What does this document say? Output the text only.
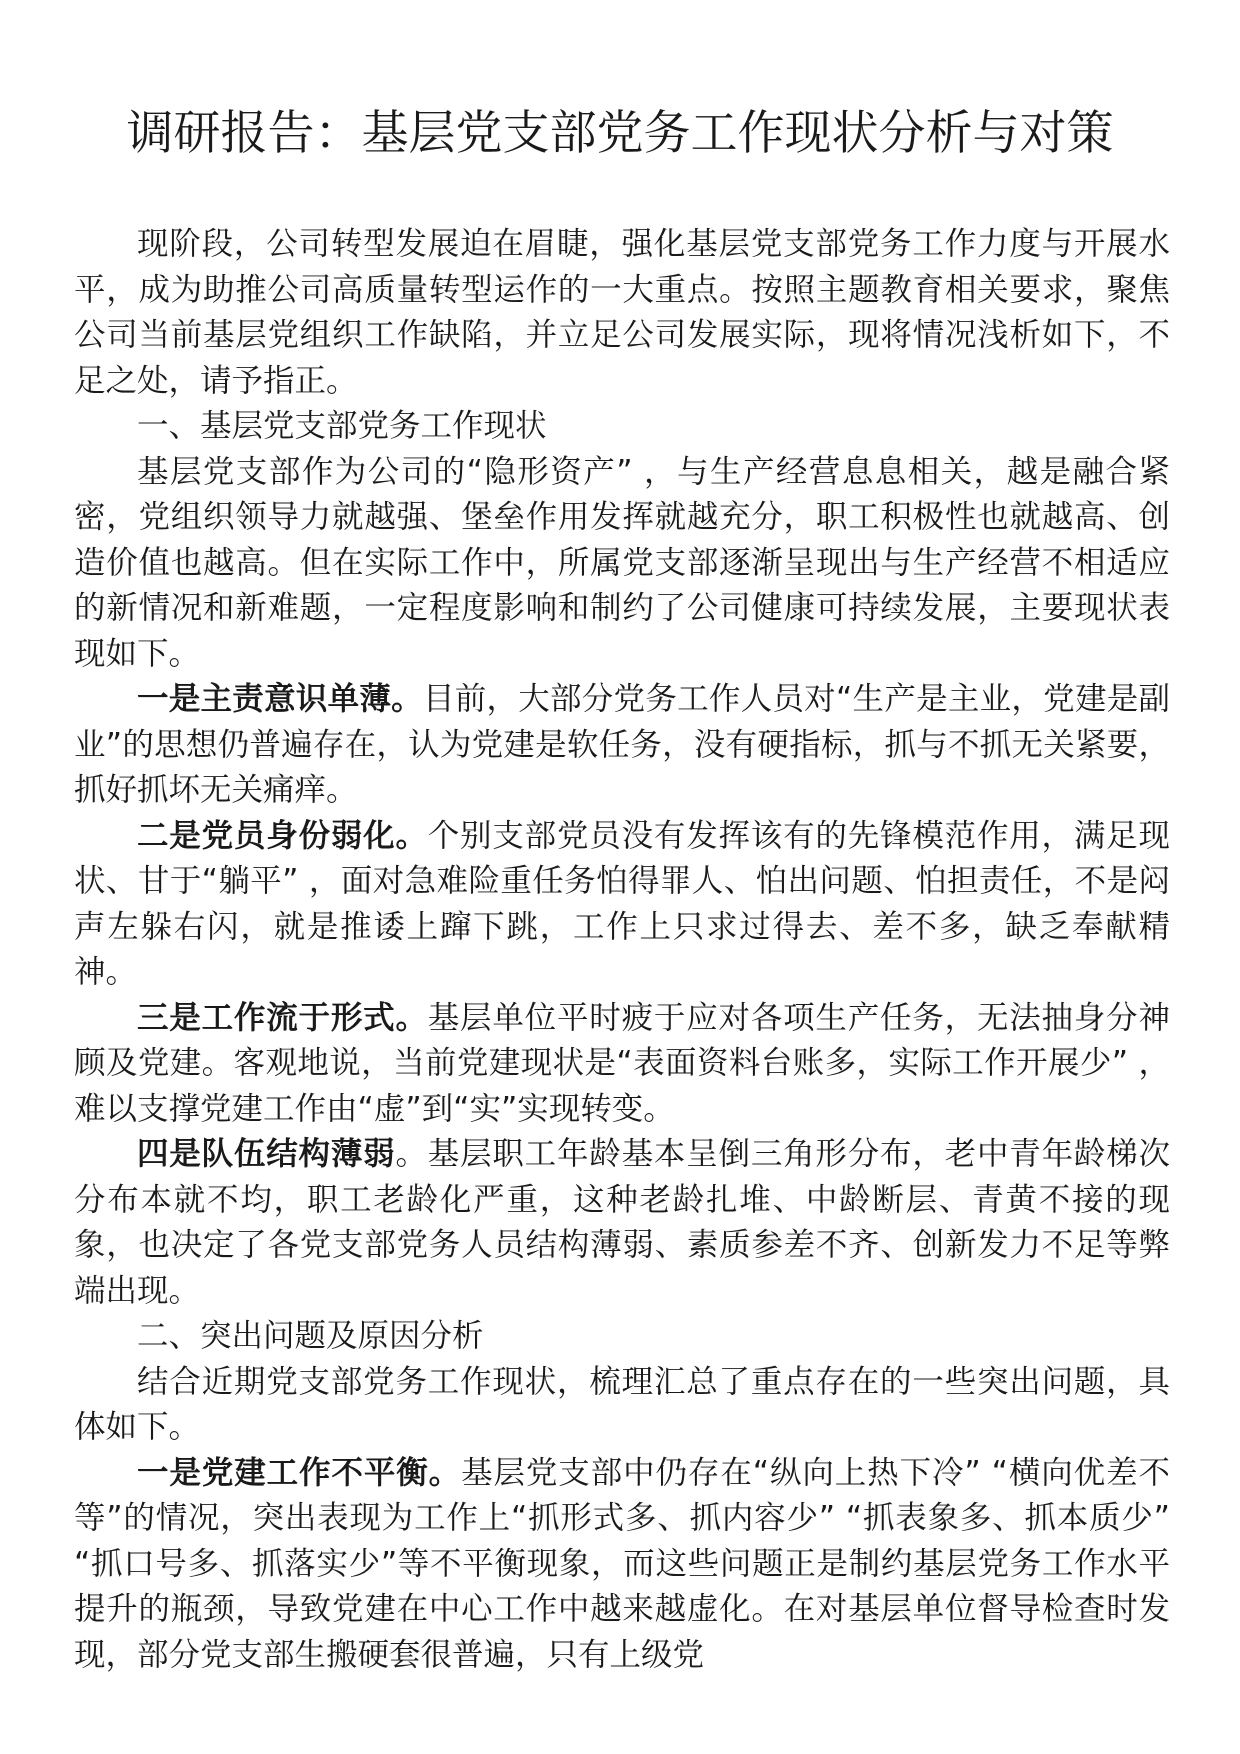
调研报告：基层党支部党务工作现状分析与对策

现阶段，公司转型发展迫在眉睫，强化基层党支部党务工作力度与开展水平，成为助推公司高质量转型运作的一大重点。按照主题教育相关要求，聚焦公司当前基层党组织工作缺陷，并立足公司发展实际，现将情况浅析如下，不足之处，请予指正。

一、基层党支部党务工作现状

基层党支部作为公司的“隐形资产” ，与生产经营息息相关，越是融合紧密，党组织领导力就越强、堡垒作用发挥就越充分，职工积极性也就越高、创造价值也越高。但在实际工作中，所属党支部逐渐呈现出与生产经营不相适应的新情况和新难题，一定程度影响和制约了公司健康可持续发展，主要现状表现如下。

一是主责意识单薄。目前，大部分党务工作人员对“生产是主业，党建是副业”的思想仍普遍存在，认为党建是软任务，没有硬指标，抓与不抓无关紧要，抓好抓坏无关痛痒。

二是党员身份弱化。个别支部党员没有发挥该有的先锋模范作用，满足现状、甘于“躺平” ，面对急难险重任务怕得罪人、怕出问题、怕担责任，不是闷声左躲右闪，就是推诿上蹿下跳，工作上只求过得去、差不多，缺乏奉献精神。

三是工作流于形式。基层单位平时疲于应对各项生产任务，无法抽身分神顾及党建。客观地说，当前党建现状是“表面资料台账多，实际工作开展少” ，难以支撑党建工作由“虚”到“实”实现转变。

四是队伍结构薄弱。基层职工年龄基本呈倒三角形分布，老中青年龄梯次分布本就不均，职工老龄化严重，这种老龄扎堆、中龄断层、青黄不接的现象，也决定了各党支部党务人员结构薄弱、素质参差不齐、创新发力不足等弊端出现。

二、突出问题及原因分析

结合近期党支部党务工作现状，梳理汇总了重点存在的一些突出问题，具体如下。

一是党建工作不平衡。基层党支部中仍存在“纵向上热下冷” “横向优差不等”的情况，突出表现为工作上“抓形式多、抓内容少” “抓表象多、抓本质少” “抓口号多、抓落实少”等不平衡现象，而这些问题正是制约基层党务工作水平提升的瓶颈，导致党建在中心工作中越来越虚化。在对基层单位督导检查时发现，部分党支部生搬硬套很普遍，只有上级党
